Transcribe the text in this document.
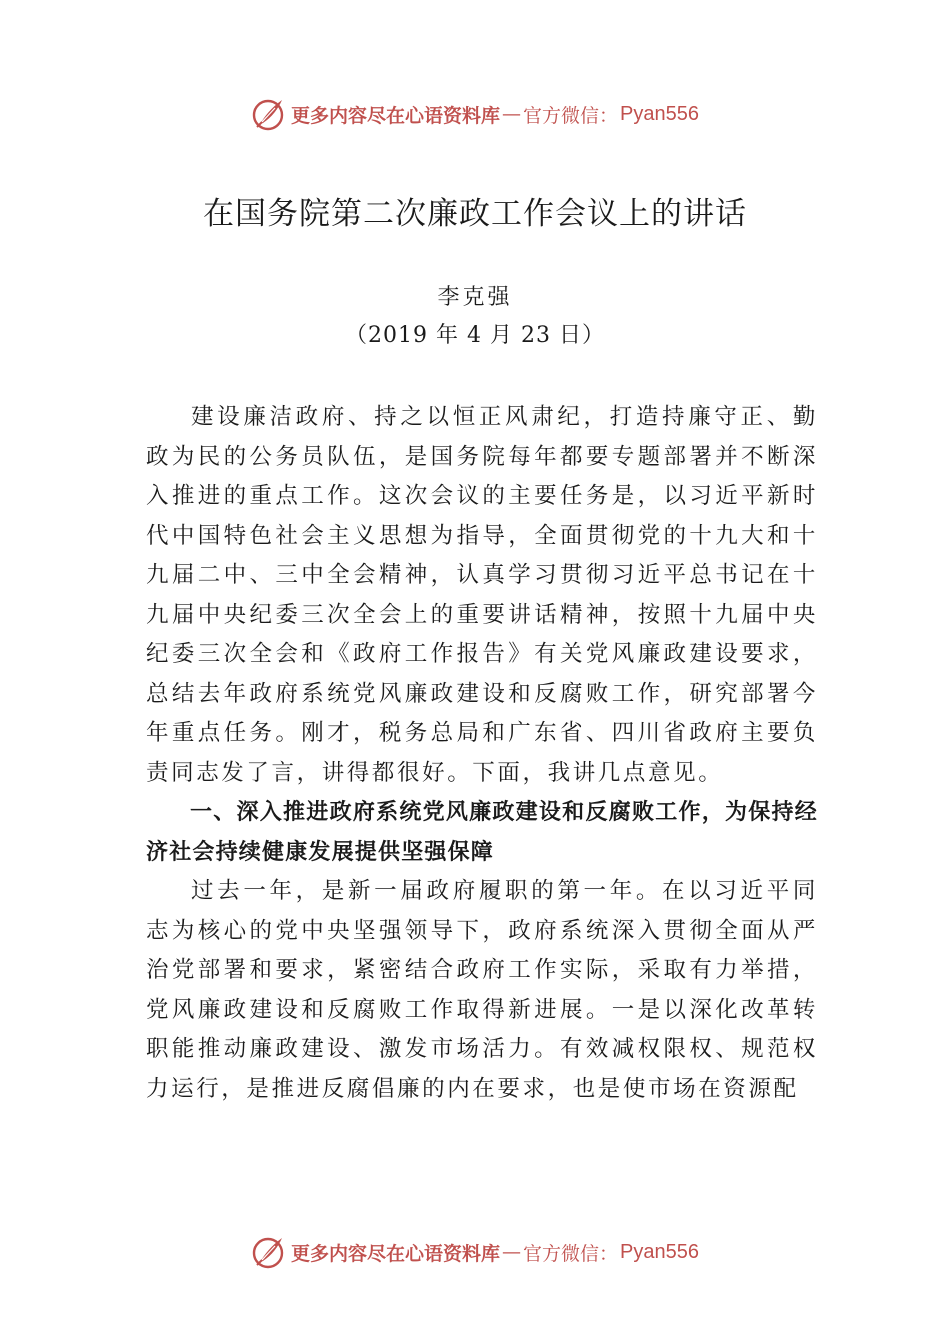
更多内容尽在心语资料库 — 官方微信： Pyan556
在国务院第二次廉政工作会议上的讲话
李克强
（2019 年 4 月 23 日）

建设廉洁政府、持之以恒正风肃纪，打造持廉守正、勤政为民的公务员队伍，是国务院每年都要专题部署并不断深入推进的重点工作。这次会议的主要任务是，以习近平新时代中国特色社会主义思想为指导，全面贯彻党的十九大和十九届二中、三中全会精神，认真学习贯彻习近平总书记在十九届中央纪委三次全会上的重要讲话精神，按照十九届中央纪委三次全会和《政府工作报告》有关党风廉政建设要求， 总结去年政府系统党风廉政建设和反腐败工作，研究部署今年重点任务。刚才，税务总局和广东省、四川省政府主要负责同志发了言，讲得都很好。下面，我讲几点意见。

一、深入推进政府系统党风廉政建设和反腐败工作，为保持经济社会持续健康发展提供坚强保障

过去一年，是新一届政府履职的第一年。在以习近平同志为核心的党中央坚强领导下，政府系统深入贯彻全面从严治党部署和要求，紧密结合政府工作实际，采取有力举措，党风廉政建设和反腐败工作取得新进展。一是以深化改革转职能推动廉政建设、激发市场活力。有效减权限权、规范权力运行，是推进反腐倡廉的内在要求，也是使市场在资源配

更多内容尽在心语资料库 — 官方微信： Pyan556
